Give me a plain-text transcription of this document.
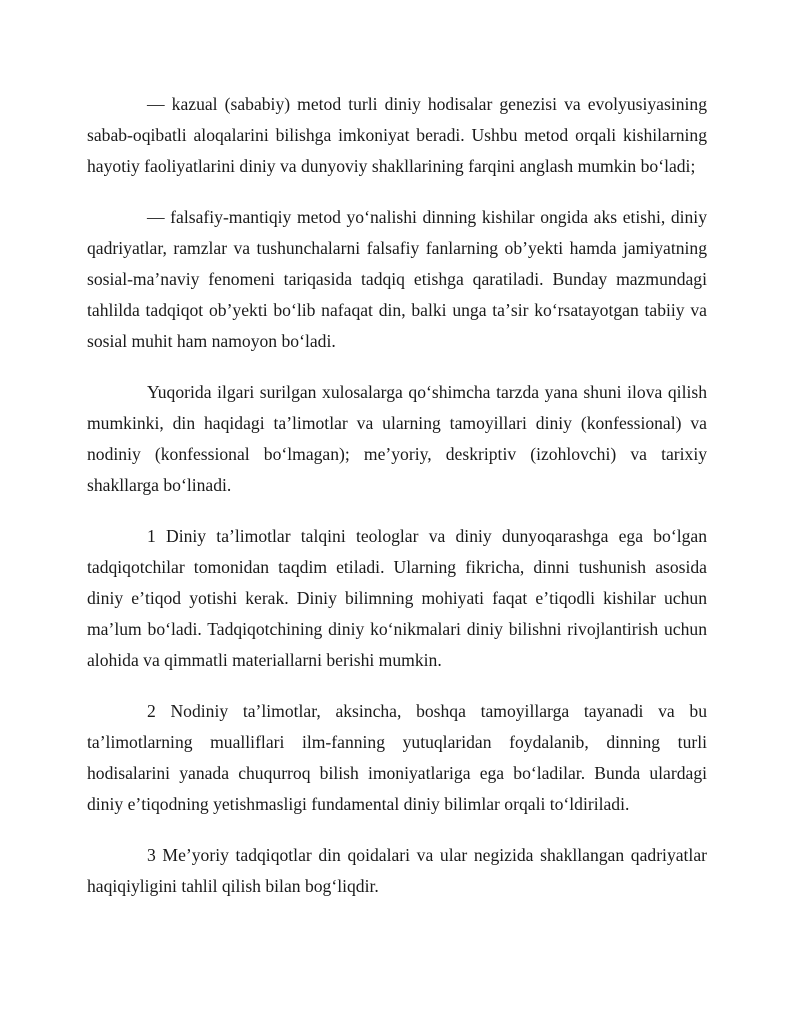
— kazual (sababiy) metod turli diniy hodisalar genezisi va evolyusiyasining sabab-oqibatli aloqalarini bilishga imkoniyat beradi. Ushbu metod orqali kishilarning hayotiy faoliyatlarini diniy va dunyoviy shakllarining farqini anglash mumkin boʻladi;

— falsafiy-mantiqiy metod yoʻnalishi dinning kishilar ongida aks etishi, diniy qadriyatlar, ramzlar va tushunchalarni falsafiy fanlarning obʼyekti hamda jamiyatning sosial-maʼnaviy fenomeni tariqasida tadqiq etishga qaratiladi. Bunday mazmundagi tahlilda tadqiqot obʼyekti boʻlib nafaqat din, balki unga taʼsir koʻrsatayotgan tabiiy va sosial muhit ham namoyon boʻladi.

Yuqorida ilgari surilgan xulosalarga qoʻshimcha tarzda yana shuni ilova qilish mumkinki, din haqidagi taʼlimotlar va ularning tamoyillari diniy (konfessional) va nodiniy (konfessional boʻlmagan); meʼyoriy, deskriptiv (izohlovchi) va tarixiy shakllarga boʻlinadi.

1 Diniy taʼlimotlar talqini teologlar va diniy dunyoqarashga ega boʻlgan tadqiqotchilar tomonidan taqdim etiladi. Ularning fikricha, dinni tushunish asosida diniy eʼtiqod yotishi kerak. Diniy bilimning mohiyati faqat eʼtiqodli kishilar uchun maʼlum boʻladi. Tadqiqotchining diniy koʻnikmalari diniy bilishni rivojlantirish uchun alohida va qimmatli materiallarni berishi mumkin.

2 Nodiniy taʼlimotlar, aksincha, boshqa tamoyillarga tayanadi va bu taʼlimotlarning mualliflari ilm-fanning yutuqlaridan foydalanib, dinning turli hodisalarini yanada chuqurroq bilish imoniyatlariga ega boʻladilar. Bunda ulardagi diniy eʼtiqodning yetishmasligi fundamental diniy bilimlar orqali toʻldiriladi.

3 Meʼyoriy tadqiqotlar din qoidalari va ular negizida shakllangan qadriyatlar haqiqiyligini tahlil qilish bilan bogʻliqdir.
